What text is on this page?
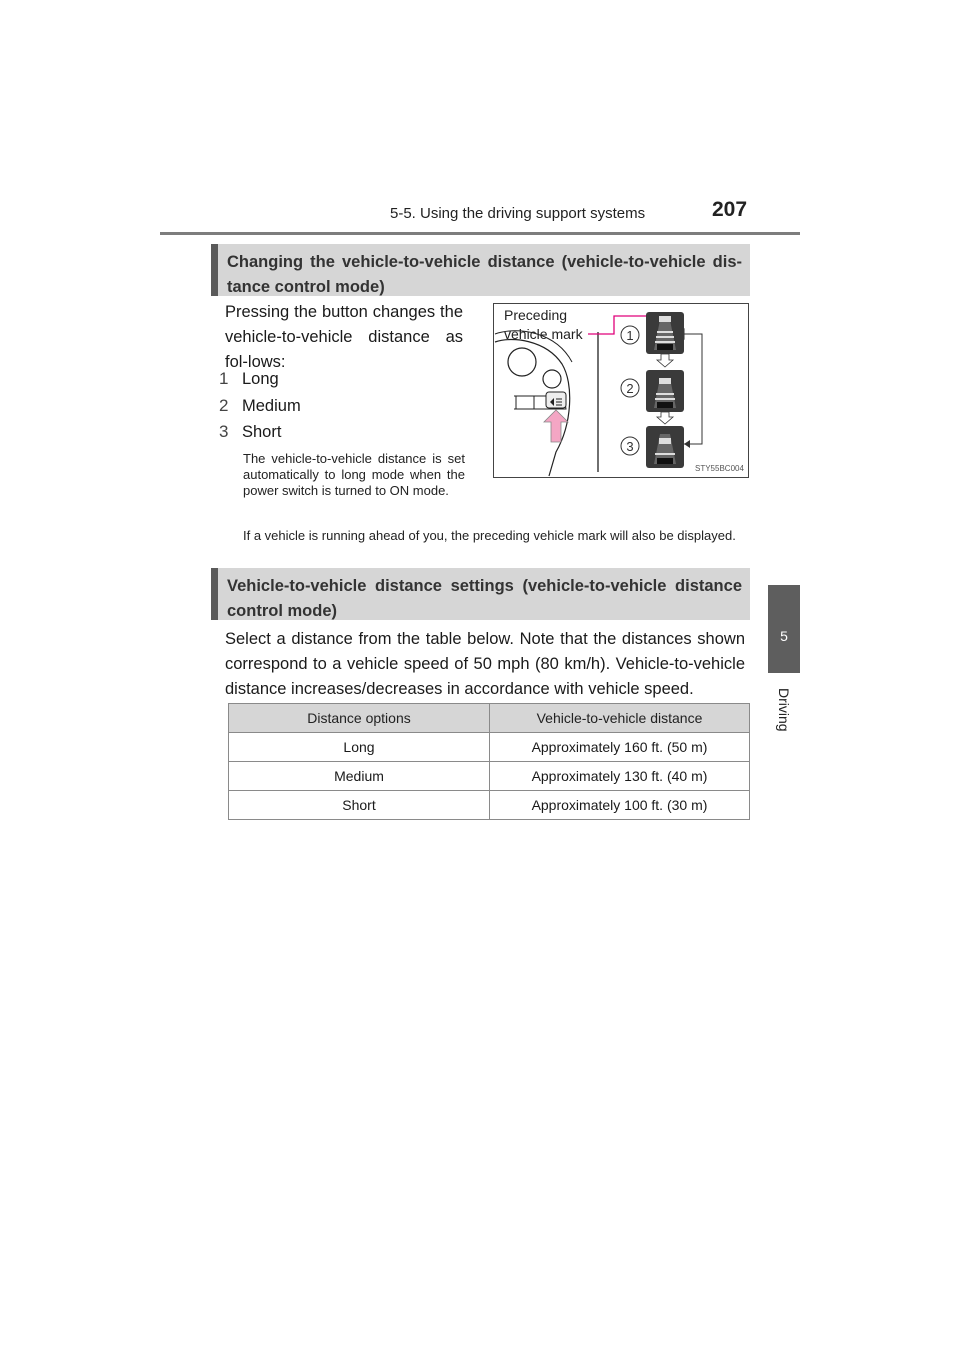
5-5. Using the driving support systems	207
5
Driving
Changing the vehicle-to-vehicle distance (vehicle-to-vehicle dis-tance control mode)
Pressing the button changes the vehicle-to-vehicle distance as fol-lows:
1 Long
2 Medium
3 Short
The vehicle-to-vehicle distance is set automatically to long mode when the power switch is turned to ON mode.
If a vehicle is running ahead of you, the preceding vehicle mark will also be displayed.
1
2
3
Preceding
vehicle mark
STY55BC004
Vehicle-to-vehicle distance settings (vehicle-to-vehicle distance control mode)
Select a distance from the table below. Note that the distances shown correspond to a vehicle speed of 50 mph (80 km/h). Vehicle-to-vehicle distance increases/decreases in accordance with vehicle speed.
Distance options	Vehicle-to-vehicle distance
Long	Approximately 160 ft. (50 m)
Medium	Approximately 130 ft. (40 m)
Short	Approximately 100 ft. (30 m)
